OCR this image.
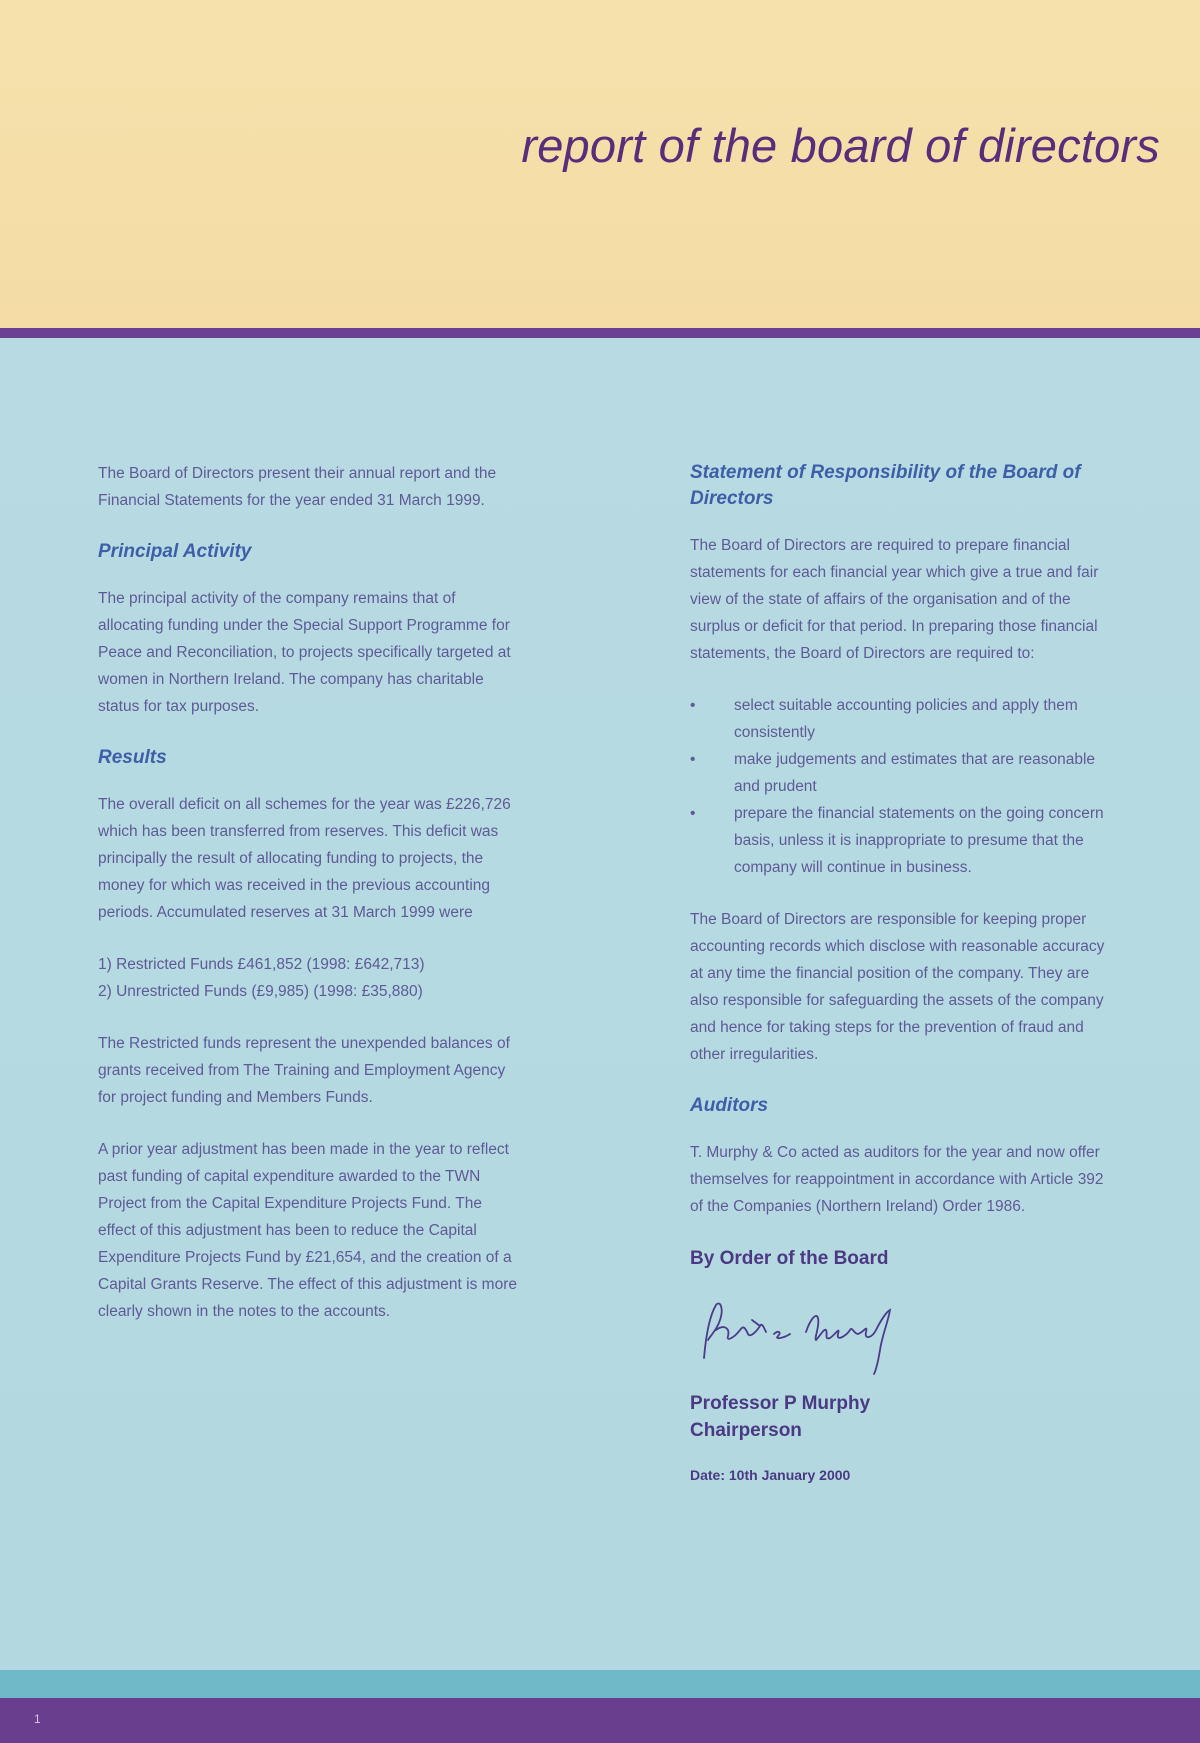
report of the board of directors

The Board of Directors present their annual report and the Financial Statements for the year ended 31 March 1999.

Principal Activity

The principal activity of the company remains that of allocating funding under the Special Support Programme for Peace and Reconciliation, to projects specifically targeted at women in Northern Ireland. The company has charitable status for tax purposes.

Results

The overall deficit on all schemes for the year was £226,726 which has been transferred from reserves. This deficit was principally the result of allocating funding to projects, the money for which was received in the previous accounting periods. Accumulated reserves at 31 March 1999 were

1) Restricted Funds £461,852 (1998: £642,713)
2) Unrestricted Funds (£9,985) (1998: £35,880)

The Restricted funds represent the unexpended balances of grants received from The Training and Employment Agency for project funding and Members Funds.

A prior year adjustment has been made in the year to reflect past funding of capital expenditure awarded to the TWN Project from the Capital Expenditure Projects Fund. The effect of this adjustment has been to reduce the Capital Expenditure Projects Fund by £21,654, and the creation of a Capital Grants Reserve. The effect of this adjustment is more clearly shown in the notes to the accounts.

Statement of Responsibility of the Board of Directors

The Board of Directors are required to prepare financial statements for each financial year which give a true and fair view of the state of affairs of the organisation and of the surplus or deficit for that period. In preparing those financial statements, the Board of Directors are required to:

• select suitable accounting policies and apply them consistently
• make judgements and estimates that are reasonable and prudent
• prepare the financial statements on the going concern basis, unless it is inappropriate to presume that the company will continue in business.

The Board of Directors are responsible for keeping proper accounting records which disclose with reasonable accuracy at any time the financial position of the company. They are also responsible for safeguarding the assets of the company and hence for taking steps for the prevention of fraud and other irregularities.

Auditors

T. Murphy & Co acted as auditors for the year and now offer themselves for reappointment in accordance with Article 392 of the Companies (Northern Ireland) Order 1986.

By Order of the Board
Professor P Murphy
Chairperson
Date: 10th January 2000
1
